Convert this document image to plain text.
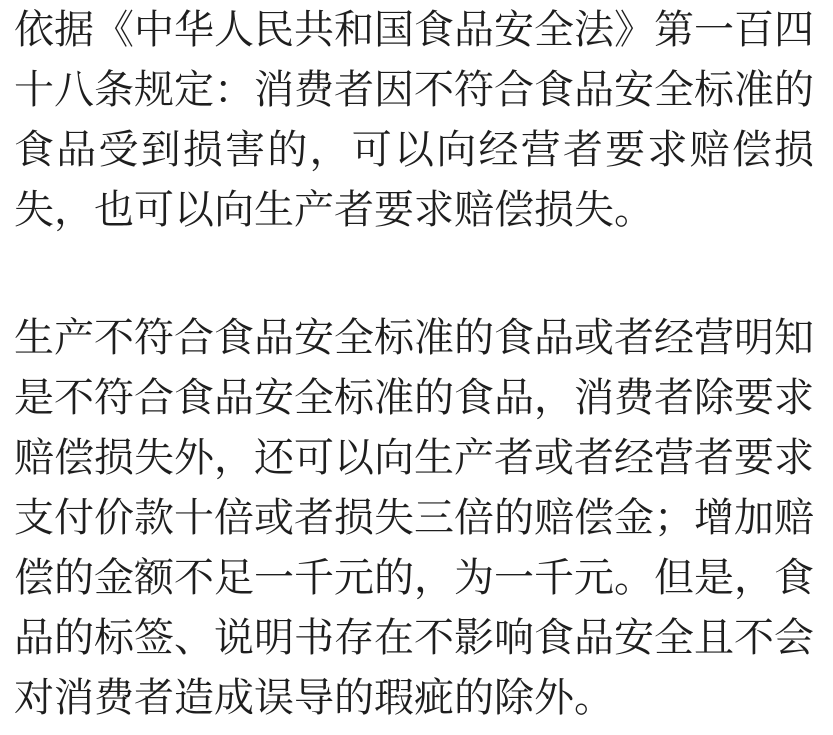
依据《中华人民共和国食品安全法》第一百四十八条规定：消费者因不符合食品安全标准的食品受到损害的，可以向经营者要求赔偿损失，也可以向生产者要求赔偿损失。

生产不符合食品安全标准的食品或者经营明知是不符合食品安全标准的食品，消费者除要求赔偿损失外，还可以向生产者或者经营者要求支付价款十倍或者损失三倍的赔偿金；增加赔偿的金额不足一千元的，为一千元。但是，食品的标签、说明书存在不影响食品安全且不会对消费者造成误导的瑕疵的除外。
